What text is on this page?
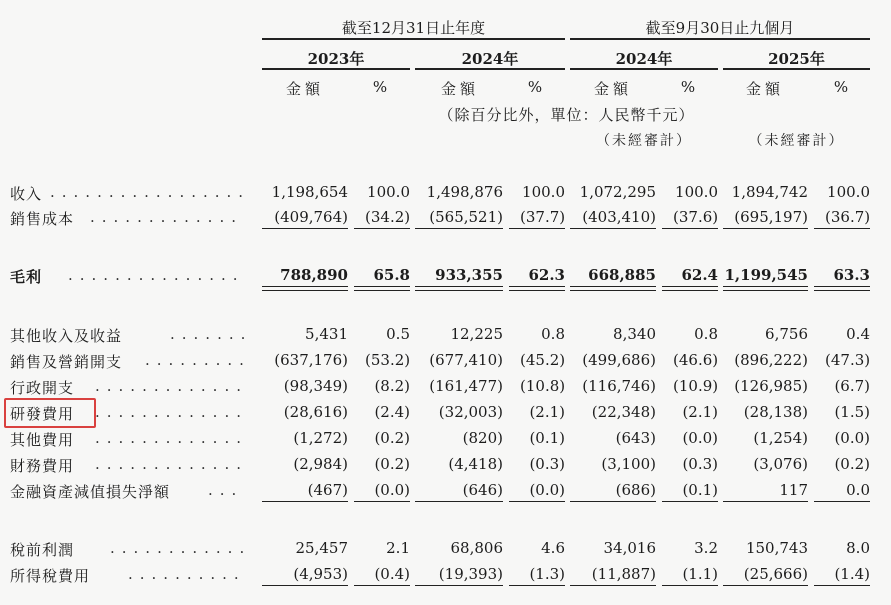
截至12月31日止年度	截至9月30日止九個月
2023年	2024年	2024年	2025年
金額	%	金額	%	金額	%	金額	%
（除百分比外，單位：人民幣千元）
（未經審計）	（未經審計）
收入 .................	1,198,654 100.0	1,498,876 100.0 1,072,295 100.0 1,894,742 100.0
銷售成本 .............	(409,764) (34.2)	(565,521) (37.7)	(403,410) (37.6)	(695,197) (36.7)
毛利 ...............	788,890	65.8	933,355	62.3	668,885	62.4 1,199,545	63.3
其他收入及收益	.......	5,431	0.5	12,225	0.8	8,340	0.8	6,756	0.4
銷售及營銷開支 .........	(637,176) (53.2)	(677,410) (45.2)	(499,686) (46.6)	(896,222) (47.3)
行政開支 .............	(98,349)	(8.2)	(161,477) (10.8)	(116,746) (10.9)	(126,985)	(6.7)
研發費用 .............	(28,616)	(2.4)	(32,003)	(2.1)	(22,348)	(2.1)	(28,138)	(1.5)
其他費用 .............	(1,272)	(0.2)	(820)	(0.1)	(643)	(0.0)	(1,254)	(0.0)
財務費用 .............	(2,984)	(0.2)	(4,418)	(0.3)	(3,100)	(0.3)	(3,076)	(0.2)
金融資產減值損失淨額	...	(467)	(0.0)	(646)	(0.0)	(686)	(0.1)	117	0.0
稅前利潤 ............	25,457	2.1	68,806	4.6	34,016	3.2	150,743	8.0
所得稅費用	..........	(4,953)	(0.4)	(19,393)	(1.3)	(11,887)	(1.1)	(25,666)	(1.4)
